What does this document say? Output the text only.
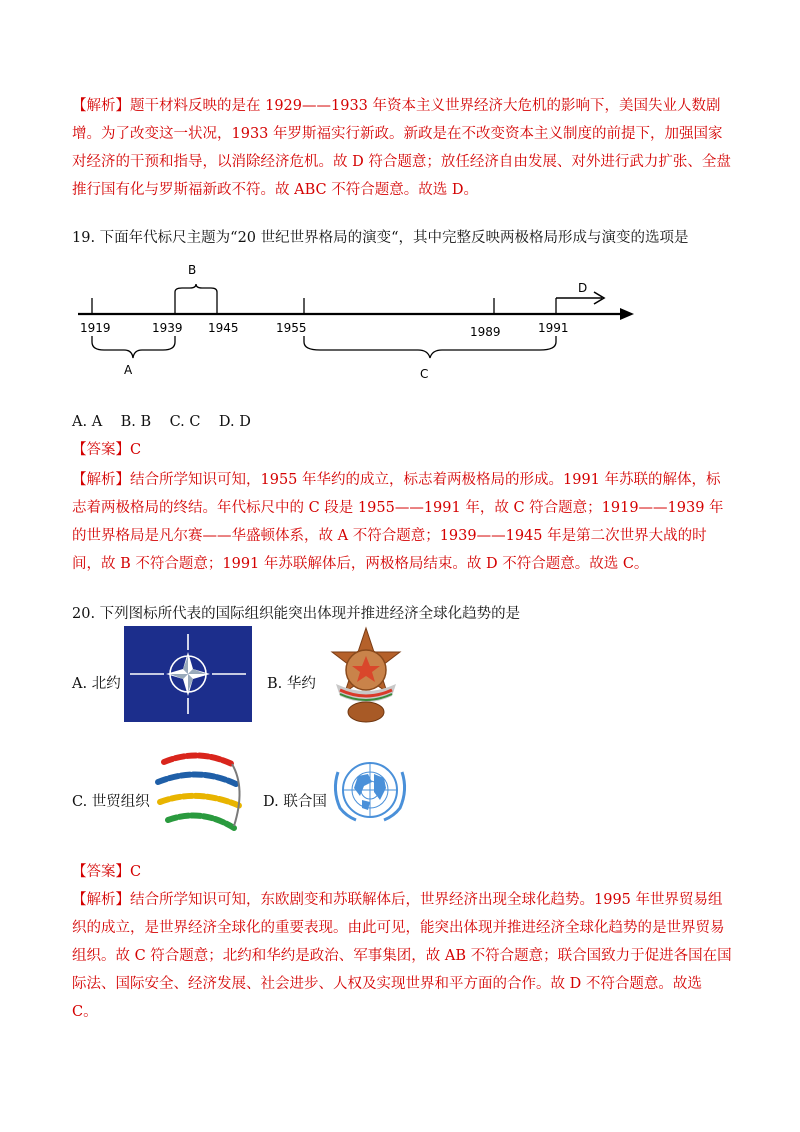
【解析】题干材料反映的是在 1929——1933 年资本主义世界经济大危机的影响下，美国失业人数剧增。为了改变这一状况，1933 年罗斯福实行新政。新政是在不改变资本主义制度的前提下，加强国家对经济的干预和指导，以消除经济危机。故 D 符合题意；放任经济自由发展、对外进行武力扩张、全盘推行国有化与罗斯福新政不符。故 ABC 不符合题意。故选 D。

19. 下面年代标尺主题为“20 世纪世界格局的演变“，其中完整反映两极格局形成与演变的选项是
1919	1939 1945	1955	1989	1991
B
A	C
D
A. A    B. B    C. C    D. D
【答案】C

【解析】结合所学知识可知，1955 年华约的成立，标志着两极格局的形成。1991 年苏联的解体，标志着两极格局的终结。年代标尺中的 C 段是 1955——1991 年，故 C 符合题意；1919——1939 年的世界格局是凡尔赛——华盛顿体系，故 A 不符合题意；1939——1945 年是第二次世界大战的时间，故 B 不符合题意；1991 年苏联解体后，两极格局结束。故 D 不符合题意。故选 C。

20. 下列图标所代表的国际组织能突出体现并推进经济全球化趋势的是
A. 北约	B. 华约
C. 世贸组织	D. 联合国
【答案】C

【解析】结合所学知识可知，东欧剧变和苏联解体后，世界经济出现全球化趋势。1995 年世界贸易组织的成立，是世界经济全球化的重要表现。由此可见，能突出体现并推进经济全球化趋势的是世界贸易组织。故 C 符合题意；北约和华约是政治、军事集团，故 AB 不符合题意；联合国致力于促进各国在国际法、国际安全、经济发展、社会进步、人权及实现世界和平方面的合作。故 D 不符合题意。故选 C。
